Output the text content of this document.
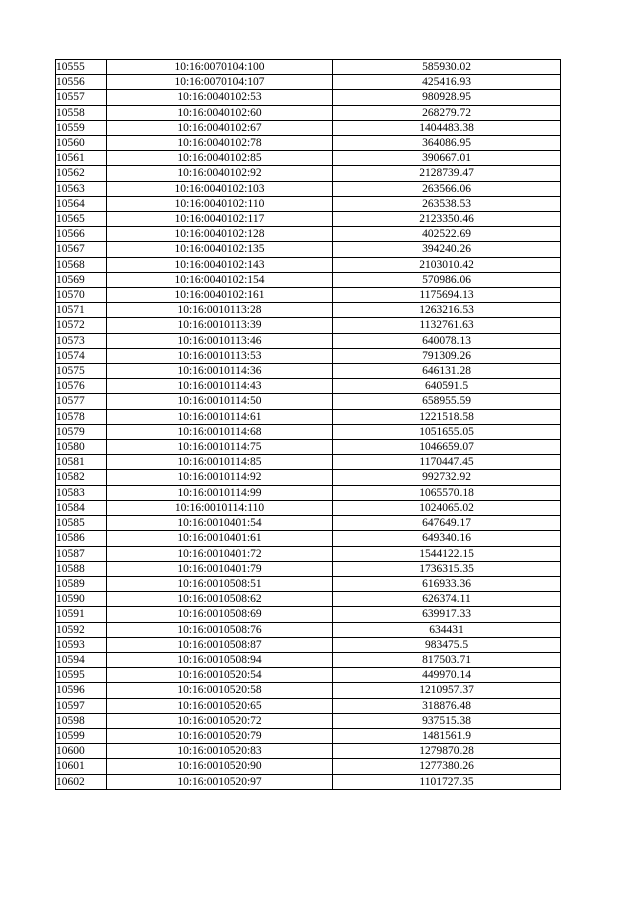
10555	10:16:0070104:100	585930.02
10556	10:16:0070104:107	425416.93
10557	10:16:0040102:53	980928.95
10558	10:16:0040102:60	268279.72
10559	10:16:0040102:67	1404483.38
10560	10:16:0040102:78	364086.95
10561	10:16:0040102:85	390667.01
10562	10:16:0040102:92	2128739.47
10563	10:16:0040102:103	263566.06
10564	10:16:0040102:110	263538.53
10565	10:16:0040102:117	2123350.46
10566	10:16:0040102:128	402522.69
10567	10:16:0040102:135	394240.26
10568	10:16:0040102:143	2103010.42
10569	10:16:0040102:154	570986.06
10570	10:16:0040102:161	1175694.13
10571	10:16:0010113:28	1263216.53
10572	10:16:0010113:39	1132761.63
10573	10:16:0010113:46	640078.13
10574	10:16:0010113:53	791309.26
10575	10:16:0010114:36	646131.28
10576	10:16:0010114:43	640591.5
10577	10:16:0010114:50	658955.59
10578	10:16:0010114:61	1221518.58
10579	10:16:0010114:68	1051655.05
10580	10:16:0010114:75	1046659.07
10581	10:16:0010114:85	1170447.45
10582	10:16:0010114:92	992732.92
10583	10:16:0010114:99	1065570.18
10584	10:16:0010114:110	1024065.02
10585	10:16:0010401:54	647649.17
10586	10:16:0010401:61	649340.16
10587	10:16:0010401:72	1544122.15
10588	10:16:0010401:79	1736315.35
10589	10:16:0010508:51	616933.36
10590	10:16:0010508:62	626374.11
10591	10:16:0010508:69	639917.33
10592	10:16:0010508:76	634431
10593	10:16:0010508:87	983475.5
10594	10:16:0010508:94	817503.71
10595	10:16:0010520:54	449970.14
10596	10:16:0010520:58	1210957.37
10597	10:16:0010520:65	318876.48
10598	10:16:0010520:72	937515.38
10599	10:16:0010520:79	1481561.9
10600	10:16:0010520:83	1279870.28
10601	10:16:0010520:90	1277380.26
10602	10:16:0010520:97	1101727.35
